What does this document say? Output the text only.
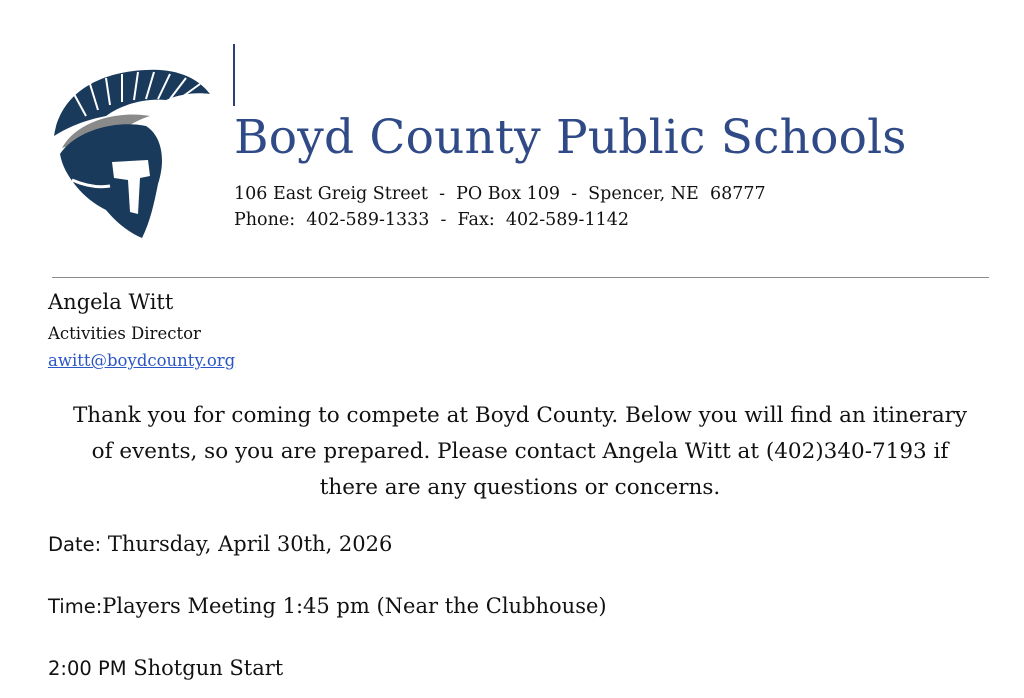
Boyd County Public Schools
106 East Greig Street  -  PO Box 109  -  Spencer, NE  68777
Phone:  402-589-1333  -  Fax:  402-589-1142
Angela Witt
Activities Director
awitt@boydcounty.org
Thank you for coming to compete at Boyd County. Below you will find an itinerary of events, so you are prepared. Please contact Angela Witt at (402)340-7193 if there are any questions or concerns.
Date: Thursday, April 30th, 2026
Time:Players Meeting 1:45 pm (Near the Clubhouse)
2:00 PM Shotgun Start
